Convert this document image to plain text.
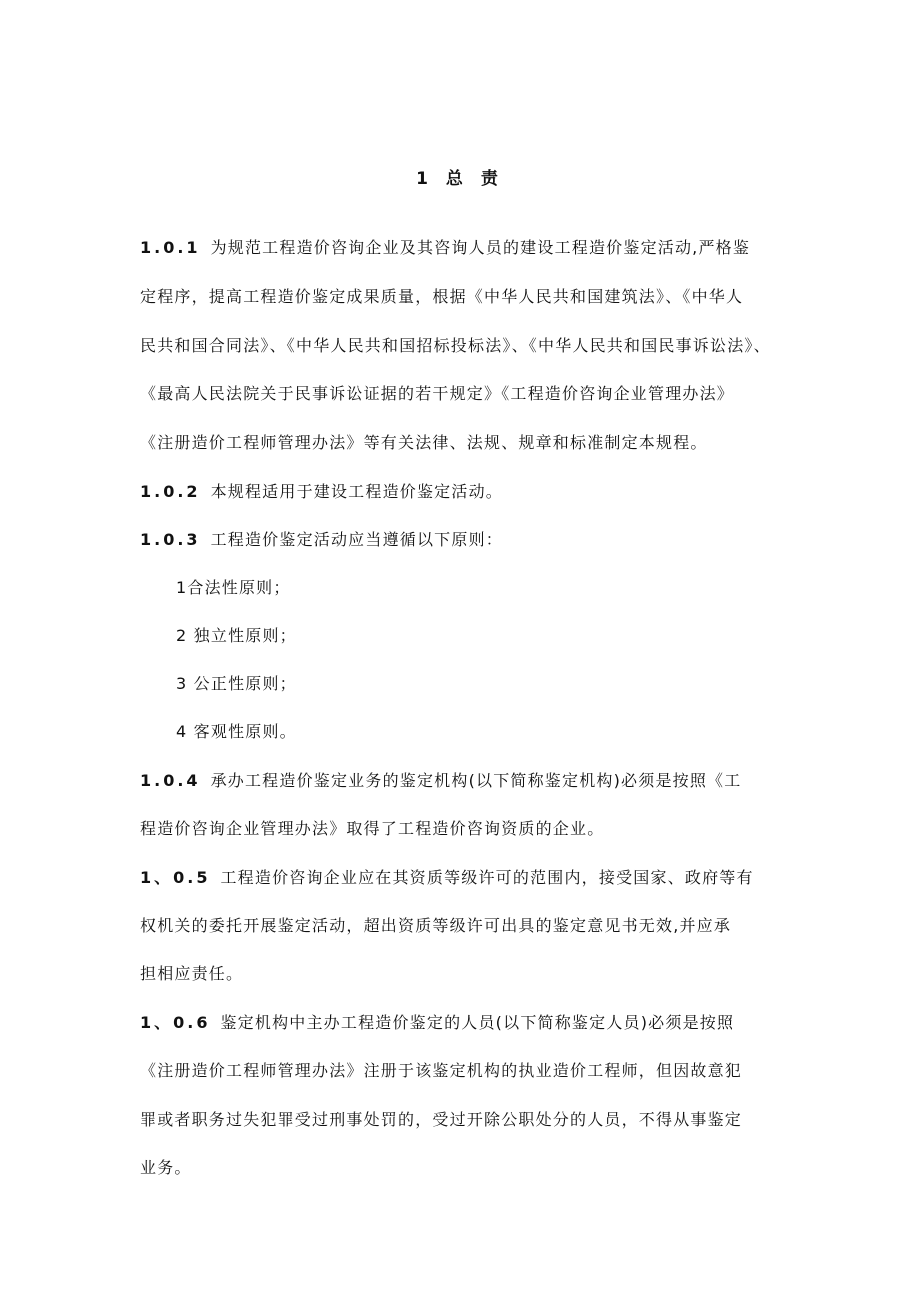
1 总 责
1.0.1 为规范工程造价咨询企业及其咨询人员的建设工程造价鉴定活动,严格鉴
定程序，提高工程造价鉴定成果质量，根据《中华人民共和国建筑法》、《中华人
民共和国合同法》、《中华人民共和国招标投标法》、《中华人民共和国民事诉讼法》、
《最高人民法院关于民事诉讼证据的若干规定》《工程造价咨询企业管理办法》
《注册造价工程师管理办法》等有关法律、法规、规章和标准制定本规程。
1.0.2 本规程适用于建设工程造价鉴定活动。
1.0.3 工程造价鉴定活动应当遵循以下原则：
1合法性原则；
2 独立性原则；
3 公正性原则；
4 客观性原则。
1.0.4 承办工程造价鉴定业务的鉴定机构(以下简称鉴定机构)必须是按照《工
程造价咨询企业管理办法》取得了工程造价咨询资质的企业。
1、0.5 工程造价咨询企业应在其资质等级许可的范围内，接受国家、政府等有
权机关的委托开展鉴定活动，超出资质等级许可出具的鉴定意见书无效,并应承
担相应责任。
1、0.6 鉴定机构中主办工程造价鉴定的人员(以下简称鉴定人员)必须是按照
《注册造价工程师管理办法》注册于该鉴定机构的执业造价工程师，但因故意犯
罪或者职务过失犯罪受过刑事处罚的，受过开除公职处分的人员，不得从事鉴定
业务。
